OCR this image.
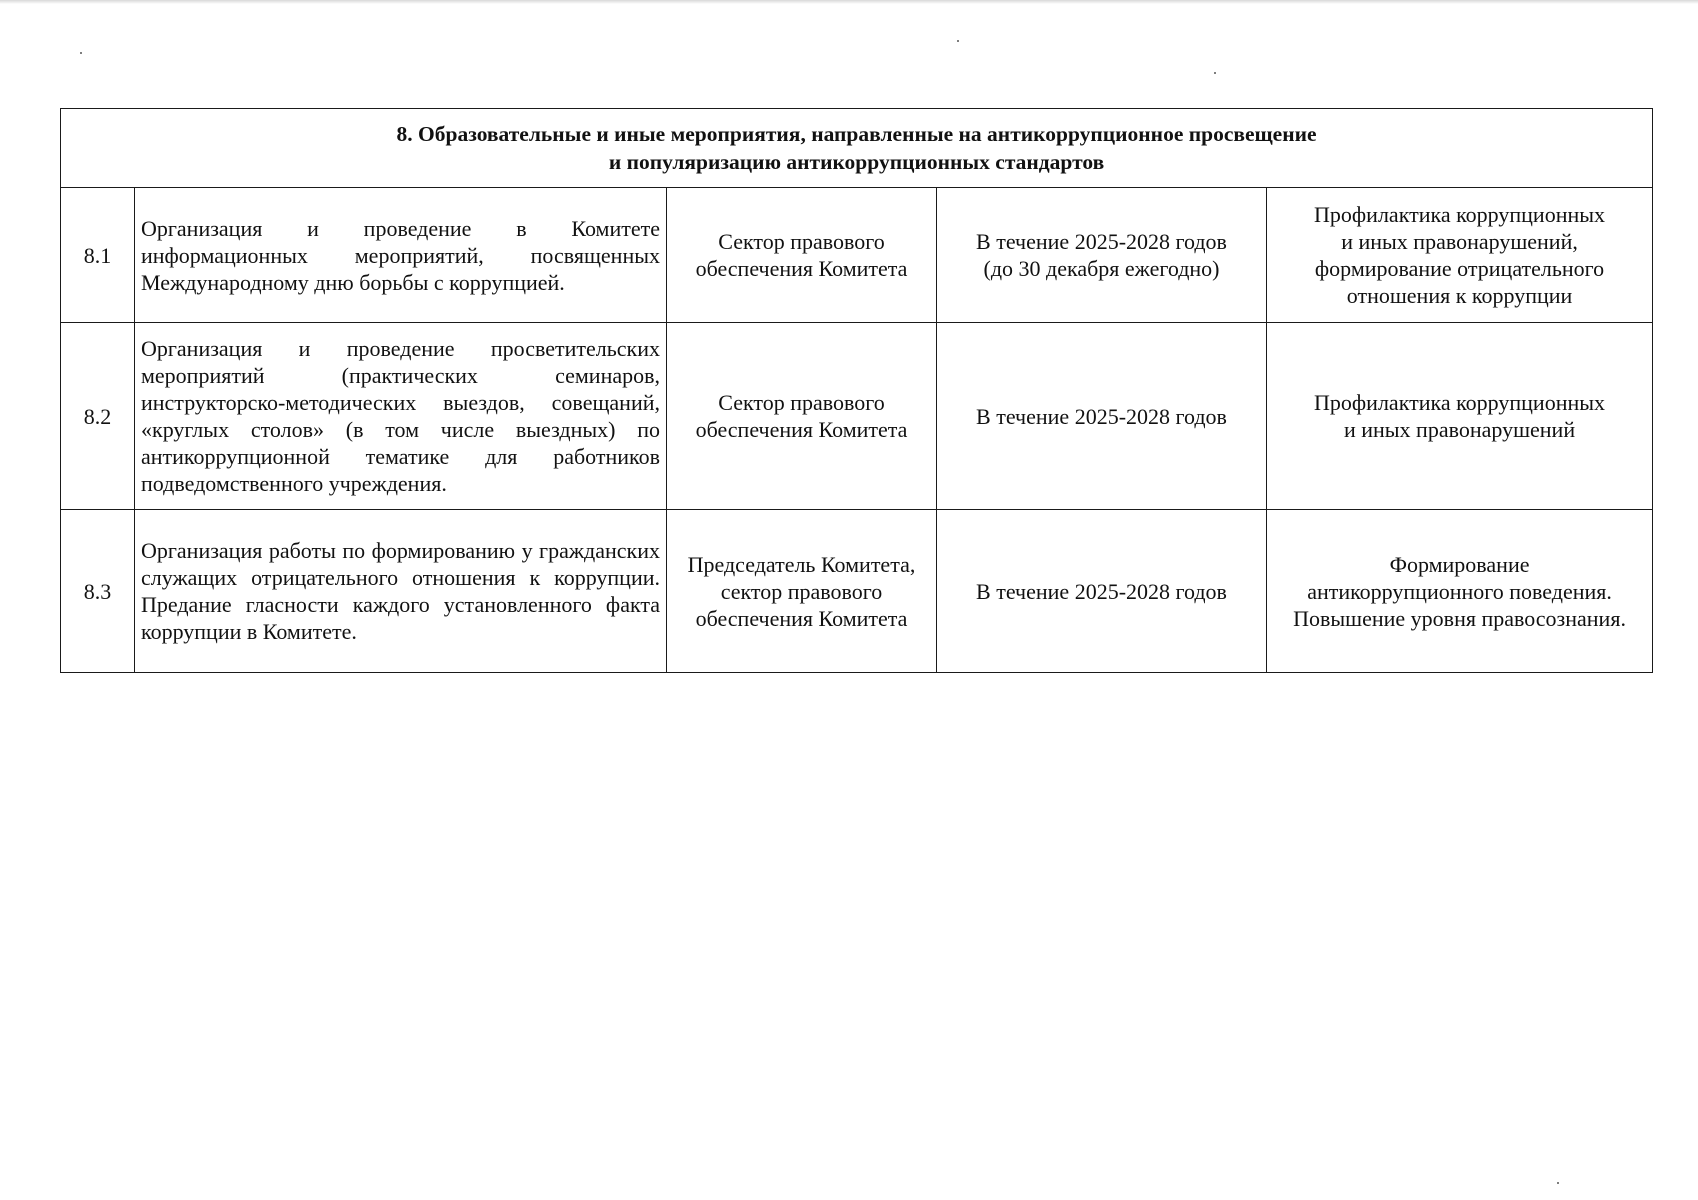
8. Образовательные и иные мероприятия, направленные на антикоррупционное просвещение
и популяризацию антикоррупционных стандартов				

8.1	Организация и проведение в Комитете информационных мероприятий, посвященных Международному дню борьбы с коррупцией.	Сектор правового
обеспечения Комитета	В течение 2025-2028 годов
(до 30 декабря ежегодно)	Профилактика коррупционных
и иных правонарушений,
формирование отрицательного
отношения к коррупции

8.2	Организация и проведение просветительских мероприятий (практических семинаров, инструкторско-методических выездов, совещаний, «круглых столов» (в том числе выездных) по антикоррупционной тематике для работников подведомственного учреждения.	Сектор правового
обеспечения Комитета	В течение 2025-2028 годов	Профилактика коррупционных
и иных правонарушений

8.3	Организация работы по формированию у гражданских служащих отрицательного отношения к коррупции. Предание гласности каждого установленного факта коррупции в Комитете.	Председатель Комитета,
сектор правового
обеспечения Комитета	В течение 2025-2028 годов	Формирование
антикоррупционного поведения.
Повышение уровня правосознания.
